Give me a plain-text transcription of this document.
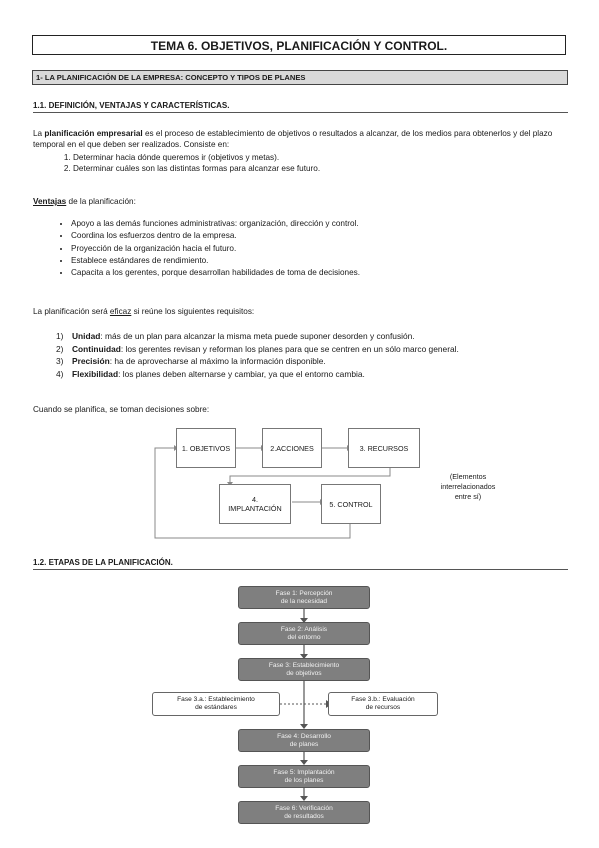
TEMA 6. OBJETIVOS, PLANIFICACIÓN Y CONTROL.
1- LA PLANIFICACIÓN DE LA EMPRESA: CONCEPTO Y TIPOS DE PLANES
1.1. DEFINICIÓN, VENTAJAS Y CARACTERÍSTICAS.
La planificación empresarial es el proceso de establecimiento de objetivos o resultados a alcanzar, de los medios para obtenerlos y del plazo temporal en el que deben ser realizados. Consiste en:
1. Determinar hacia dónde queremos ir (objetivos y metas).
2. Determinar cuáles son las distintas formas para alcanzar ese futuro.
Ventajas de la planificación:
• Apoyo a las demás funciones administrativas: organización, dirección y control.
• Coordina los esfuerzos dentro de la empresa.
• Proyección de la organización hacia el futuro.
• Establece estándares de rendimiento.
• Capacita a los gerentes, porque desarrollan habilidades de toma de decisiones.
La planificación será eficaz si reúne los siguientes requisitos:
1) Unidad: más de un plan para alcanzar la misma meta puede suponer desorden y confusión.
2) Continuidad: los gerentes revisan y reforman los planes para que se centren en un sólo marco general.
3) Precisión: ha de aprovecharse al máximo la información disponible.
4) Flexibilidad: los planes deben alternarse y cambiar, ya que el entorno cambia.
Cuando se planifica, se toman decisiones sobre:
1. OBJETIVOS	2.ACCIONES	3. RECURSOS
4.
IMPLANTACIÓN	5. CONTROL
(Elementos
interrelacionados
entre sí)
1.2. ETAPAS DE LA PLANIFICACIÓN.
Fase 1: Percepción
de la necesidad
Fase 2: Análisis
del entorno
Fase 3: Establecimiento
de objetivos
Fase 3.a.: Establecimiento
de estándares
Fase 3.b.: Evaluación
de recursos
Fase 4: Desarrollo
de planes
Fase 5: Implantación
de los planes
Fase 6: Verificación
de resultados
